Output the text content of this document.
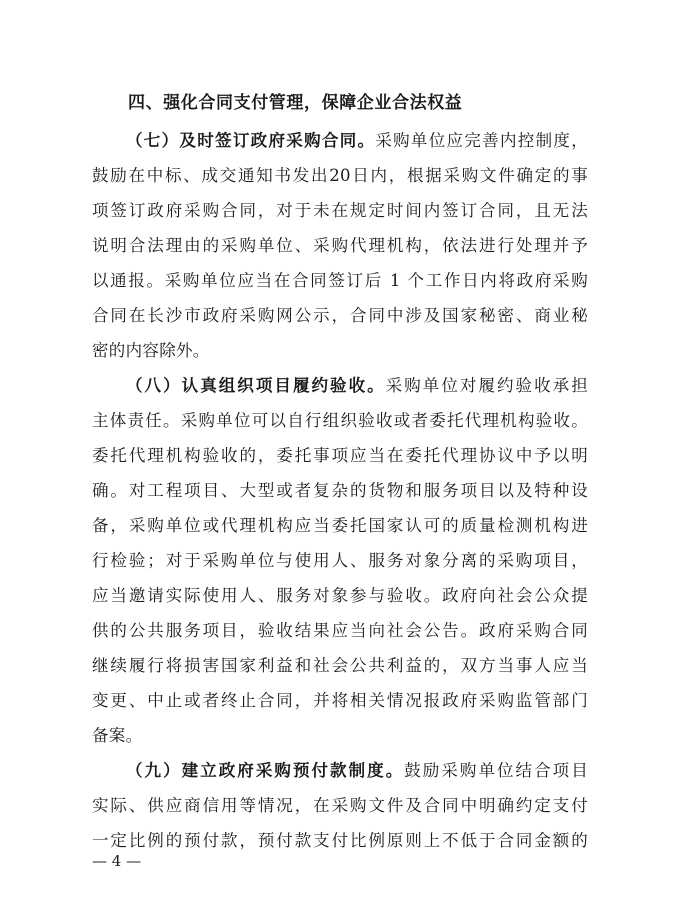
四、强化合同支付管理，保障企业合法权益
（七）及时签订政府采购合同。采购单位应完善内控制度，
鼓励在中标、成交通知书发出20日内，根据采购文件确定的事
项签订政府采购合同，对于未在规定时间内签订合同，且无法
说明合法理由的采购单位、采购代理机构，依法进行处理并予
以通报。采购单位应当在合同签订后 1 个工作日内将政府采购
合同在长沙市政府采购网公示，合同中涉及国家秘密、商业秘
密的内容除外。
（八）认真组织项目履约验收。采购单位对履约验收承担
主体责任。采购单位可以自行组织验收或者委托代理机构验收。
委托代理机构验收的，委托事项应当在委托代理协议中予以明
确。对工程项目、大型或者复杂的货物和服务项目以及特种设
备，采购单位或代理机构应当委托国家认可的质量检测机构进
行检验；对于采购单位与使用人、服务对象分离的采购项目，
应当邀请实际使用人、服务对象参与验收。政府向社会公众提
供的公共服务项目，验收结果应当向社会公告。政府采购合同
继续履行将损害国家利益和社会公共利益的，双方当事人应当
变更、中止或者终止合同，并将相关情况报政府采购监管部门
备案。
（九）建立政府采购预付款制度。鼓励采购单位结合项目
实际、供应商信用等情况，在采购文件及合同中明确约定支付
一定比例的预付款，预付款支付比例原则上不低于合同金额的
— 4 —
